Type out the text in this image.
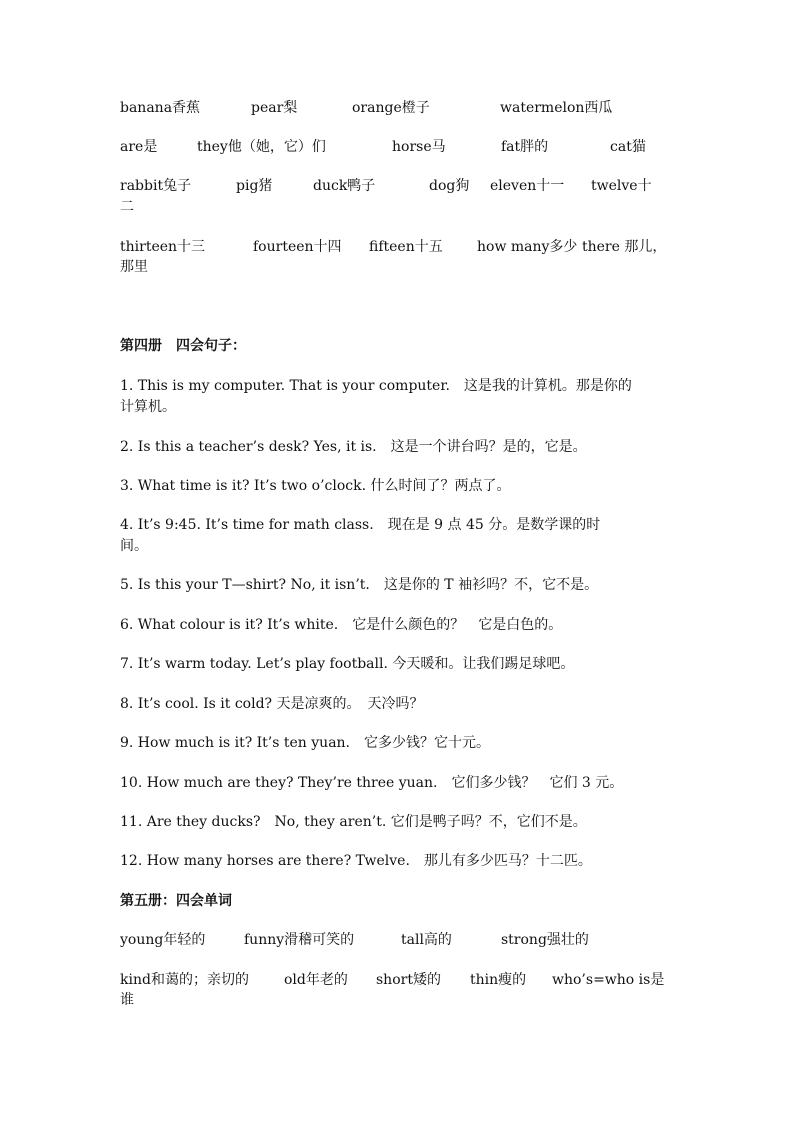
banana香蕉	pear梨	orange橙子	watermelon西瓜
are是	they他（她，它）们	horse马	fat胖的	cat猫
rabbit兔子	pig猪	duck鸭子	dog狗 eleven十一 twelve十
二
thirteen十三	fourteen十四 fifteen十五 how many多少 there 那儿，
那里
第四册　四会句子：
1. This is my computer. That is your computer.　这是我的计算机。那是你的
计算机。
2. Is this a teacher’s desk? Yes, it is.　这是一个讲台吗？是的，它是。
3. What time is it? It’s two o’clock. 什么时间了？两点了。
4. It’s 9:45. It’s time for math class.　现在是 9 点 45 分。是数学课的时
间。
5. Is this your T—shirt? No, it isn’t.　这是你的 T 袖衫吗？不，它不是。
6. What colour is it? It’s white.　它是什么颜色的？　它是白色的。
7. It’s warm today. Let’s play football. 今天暖和。让我们踢足球吧。
8. It’s cool. Is it cold? 天是凉爽的。　天冷吗？
9. How much is it? It’s ten yuan.　它多少钱？它十元。
10. How much are they? They’re three yuan.　它们多少钱？　它们 3 元。
11. Are they ducks?　No, they aren’t. 它们是鸭子吗？不，它们不是。
12. How many horses are there? Twelve.　那儿有多少匹马？十二匹。
第五册：四会单词
young年轻的	funny滑稽可笑的	tall高的	strong强壮的
kind和蔼的；亲切的	old年老的 short矮的 thin瘦的 who’s=who is是
谁
